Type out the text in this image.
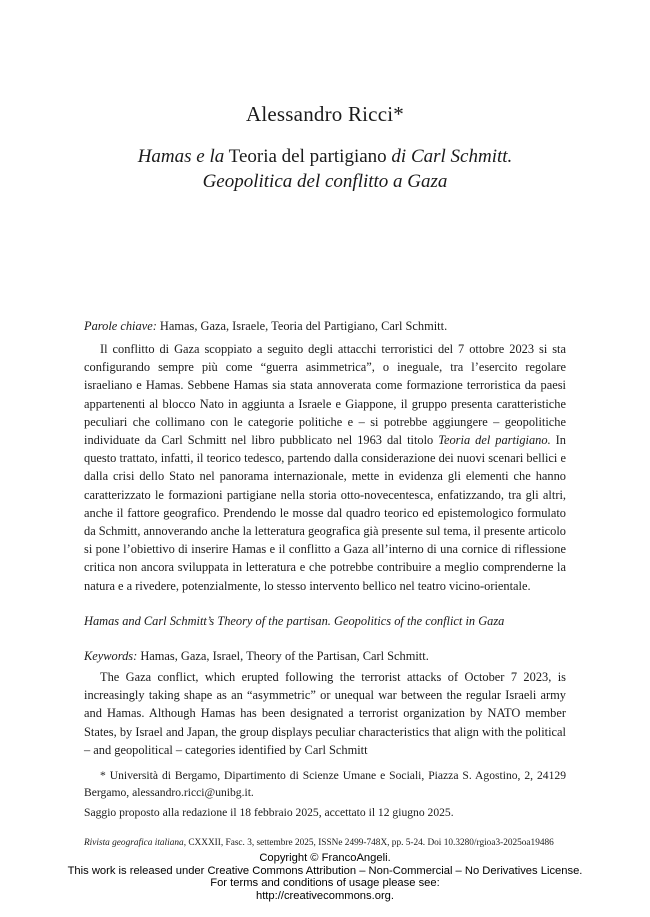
Alessandro Ricci*
Hamas e la Teoria del partigiano di Carl Schmitt.
Geopolitica del conflitto a Gaza
Parole chiave: Hamas, Gaza, Israele, Teoria del Partigiano, Carl Schmitt.
Il conflitto di Gaza scoppiato a seguito degli attacchi terroristici del 7 ottobre 2023 si sta configurando sempre più come “guerra asimmetrica”, o ineguale, tra l’esercito regolare israeliano e Hamas. Sebbene Hamas sia stata annoverata come formazione terroristica da paesi appartenenti al blocco Nato in aggiunta a Israele e Giappone, il gruppo presenta caratteristiche peculiari che collimano con le categorie politiche e – si potrebbe aggiungere – geopolitiche individuate da Carl Schmitt nel libro pubblicato nel 1963 dal titolo Teoria del partigiano. In questo trattato, infatti, il teorico tedesco, partendo dalla considerazione dei nuovi scenari bellici e dalla crisi dello Stato nel panorama internazionale, mette in evidenza gli elementi che hanno caratterizzato le formazioni partigiane nella storia otto-novecentesca, enfatizzando, tra gli altri, anche il fattore geografico. Prendendo le mosse dal quadro teorico ed epistemologico formulato da Schmitt, annoverando anche la letteratura geografica già presente sul tema, il presente articolo si pone l’obiettivo di inserire Hamas e il conflitto a Gaza all’interno di una cornice di riflessione critica non ancora sviluppata in letteratura e che potrebbe contribuire a meglio comprenderne la natura e a rivedere, potenzialmente, lo stesso intervento bellico nel teatro vicino-orientale.
Hamas and Carl Schmitt’s Theory of the partisan. Geopolitics of the conflict in Gaza
Keywords: Hamas, Gaza, Israel, Theory of the Partisan, Carl Schmitt.
The Gaza conflict, which erupted following the terrorist attacks of October 7 2023, is increasingly taking shape as an “asymmetric” or unequal war between the regular Israeli army and Hamas. Although Hamas has been designated a terrorist organization by NATO member States, by Israel and Japan, the group displays peculiar characteristics that align with the political – and geopolitical – categories identified by Carl Schmitt
* Università di Bergamo, Dipartimento di Scienze Umane e Sociali, Piazza S. Agostino, 2, 24129 Bergamo, alessandro.ricci@unibg.it.
Saggio proposto alla redazione il 18 febbraio 2025, accettato il 12 giugno 2025.
Rivista geografica italiana, CXXXII, Fasc. 3, settembre 2025, ISSNe 2499-748X, pp. 5-24. Doi 10.3280/rgioa3-2025oa19486
Copyright © FrancoAngeli.
This work is released under Creative Commons Attribution – Non-Commercial – No Derivatives License.
For terms and conditions of usage please see:
http://creativecommons.org.
